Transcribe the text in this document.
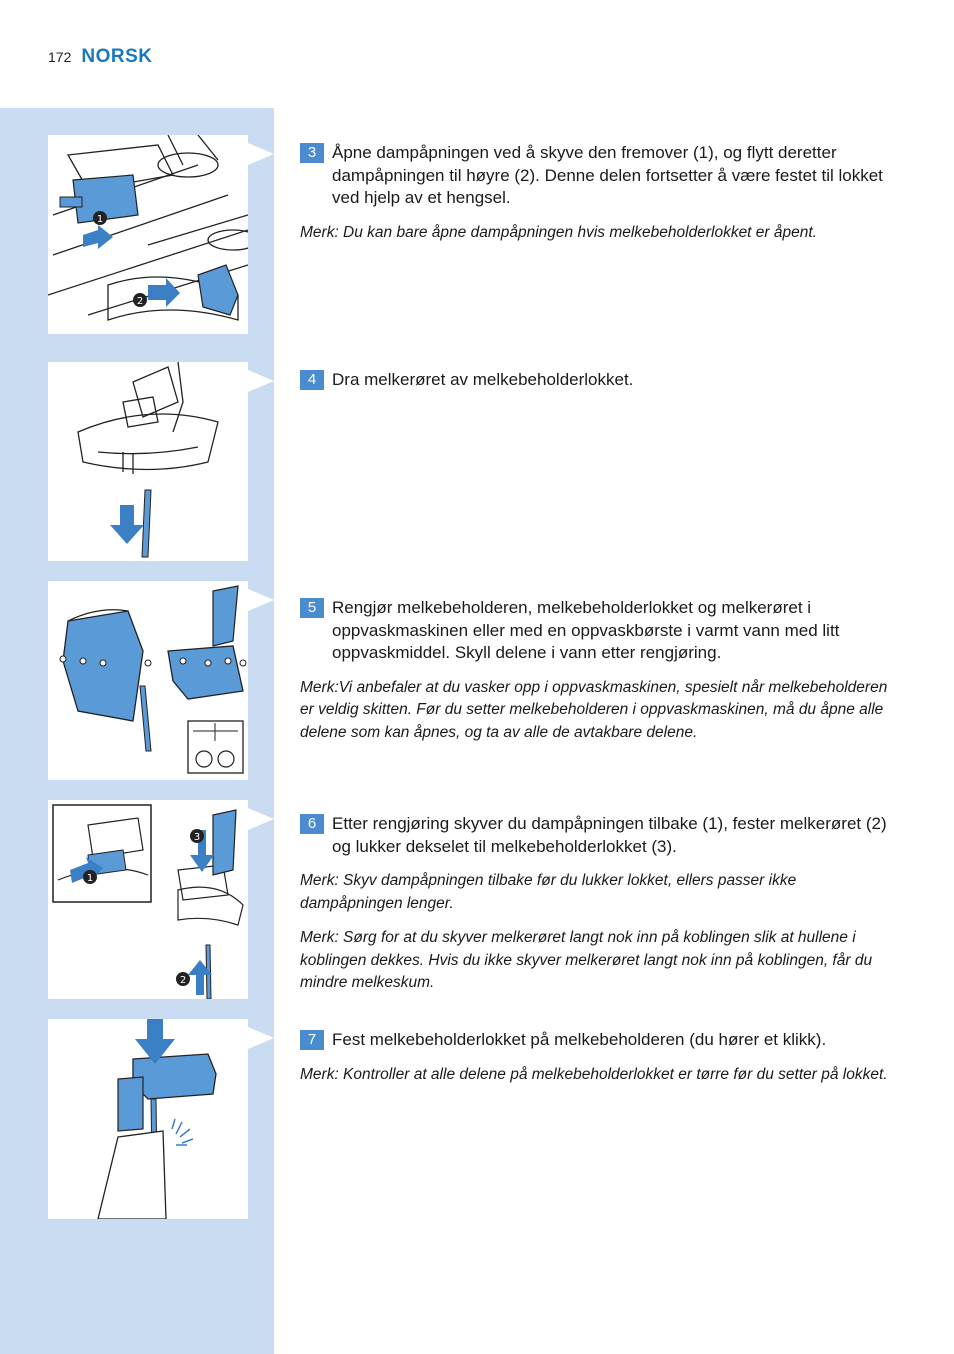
172 NORSK
1
2
1
2
3
3 Åpne dampåpningen ved å skyve den fremover (1), og flytt deretter dampåpningen til høyre (2). Denne delen fortsetter å være festet til lokket ved hjelp av et hengsel.
Merk: Du kan bare åpne dampåpningen hvis melkebeholderlokket er åpent.
4 Dra melkerøret av melkebeholderlokket.
5 Rengjør melkebeholderen, melkebeholderlokket og melkerøret i oppvaskmaskinen eller med en oppvaskbørste i varmt vann med litt oppvaskmiddel. Skyll delene i vann etter rengjøring.
Merk:Vi anbefaler at du vasker opp i oppvaskmaskinen, spesielt når melkebeholderen er veldig skitten. Før du setter melkebeholderen i oppvaskmaskinen, må du åpne alle delene som kan åpnes, og ta av alle de avtakbare delene.
6 Etter rengjøring skyver du dampåpningen tilbake (1), fester melkerøret (2) og lukker dekselet til melkebeholderlokket (3).
Merk: Skyv dampåpningen tilbake før du lukker lokket, ellers passer ikke dampåpningen lenger.
Merk: Sørg for at du skyver melkerøret langt nok inn på koblingen slik at hullene i koblingen dekkes. Hvis du ikke skyver melkerøret langt nok inn på koblingen, får du mindre melkeskum.
7 Fest melkebeholderlokket på melkebeholderen (du hører et klikk).
Merk: Kontroller at alle delene på melkebeholderlokket er tørre før du setter på lokket.
